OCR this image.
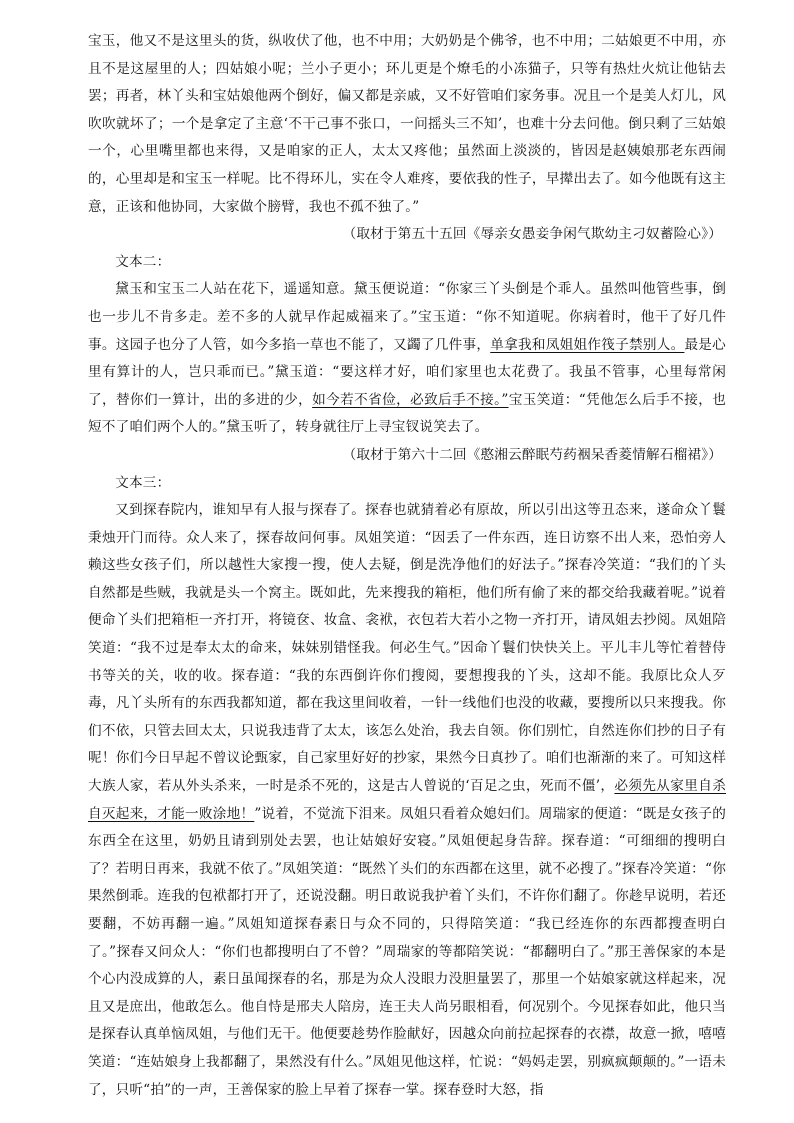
宝玉，他又不是这里头的货，纵收伏了他，也不中用；大奶奶是个佛爷，也不中用；二姑娘更不中用，亦且不是这屋里的人；四姑娘小呢；兰小子更小；环儿更是个燎毛的小冻猫子，只等有热灶火炕让他钻去罢；再者，林丫头和宝姑娘他两个倒好，偏又都是亲戚，又不好管咱们家务事。况且一个是美人灯儿，风吹吹就坏了；一个是拿定了主意‘不干己事不张口，一问摇头三不知’，也难十分去问他。倒只剩了三姑娘一个，心里嘴里都也来得，又是咱家的正人，太太又疼他；虽然面上淡淡的，皆因是赵姨娘那老东西闹的，心里却是和宝玉一样呢。比不得环儿，实在令人难疼，要依我的性子，早撵出去了。如今他既有这主意，正该和他协同，大家做个膀臂，我也不孤不独了。”

（取材于第五十五回《辱亲女愚妾争闲气欺幼主刁奴蓄险心》）

文本二：

黛玉和宝玉二人站在花下，遥遥知意。黛玉便说道：“你家三丫头倒是个乖人。虽然叫他管些事，倒也一步儿不肯多走。差不多的人就早作起威福来了。”宝玉道：“你不知道呢。你病着时，他干了好几件事。这园子也分了人管，如今多掐一草也不能了，又蠲了几件事，单拿我和凤姐姐作筏子禁别人。最是心里有算计的人，岂只乖而已。”黛玉道：“要这样才好，咱们家里也太花费了。我虽不管事，心里每常闲了，替你们一算计，出的多进的少，如今若不省俭，必致后手不接。”宝玉笑道：“凭他怎么后手不接，也短不了咱们两个人的。”黛玉听了，转身就往厅上寻宝钗说笑去了。

（取材于第六十二回《憨湘云醉眠芍药裀呆香菱情解石榴裙》）

文本三：

又到探春院内，谁知早有人报与探春了。探春也就猜着必有原故，所以引出这等丑态来，遂命众丫鬟秉烛开门而待。众人来了，探春故问何事。凤姐笑道：“因丢了一件东西，连日访察不出人来，恐怕旁人赖这些女孩子们，所以越性大家搜一搜，使人去疑，倒是洗净他们的好法子。”探春冷笑道：“我们的丫头自然都是些贼，我就是头一个窝主。既如此，先来搜我的箱柜，他们所有偷了来的都交给我藏着呢。”说着便命丫头们把箱柜一齐打开，将镜奁、妆盒、衾袱，衣包若大若小之物一齐打开，请凤姐去抄阅。凤姐陪笑道：“我不过是奉太太的命来，妹妹别错怪我。何必生气。”因命丫鬟们快快关上。平儿丰儿等忙着替侍书等关的关，收的收。探春道：“我的东西倒许你们搜阅，要想搜我的丫头，这却不能。我原比众人歹毒，凡丫头所有的东西我都知道，都在我这里间收着，一针一线他们也没的收藏，要搜所以只来搜我。你们不依，只管去回太太，只说我违背了太太，该怎么处治，我去自领。你们别忙，自然连你们抄的日子有呢！你们今日早起不曾议论甄家，自己家里好好的抄家，果然今日真抄了。咱们也渐渐的来了。可知这样大族人家，若从外头杀来，一时是杀不死的，这是古人曾说的‘百足之虫，死而不僵’，必须先从家里自杀自灭起来，才能一败涂地！”说着，不觉流下泪来。凤姐只看着众媳妇们。周瑞家的便道：“既是女孩子的东西全在这里，奶奶且请到别处去罢，也让姑娘好安寝。”凤姐便起身告辞。探春道：“可细细的搜明白了？若明日再来，我就不依了。”凤姐笑道：“既然丫头们的东西都在这里，就不必搜了。”探春冷笑道：“你果然倒乖。连我的包袱都打开了，还说没翻。明日敢说我护着丫头们，不许你们翻了。你趁早说明，若还要翻，不妨再翻一遍。”凤姐知道探春素日与众不同的，只得陪笑道：“我已经连你的东西都搜查明白了。”探春又问众人：“你们也都搜明白了不曾？”周瑞家的等都陪笑说：“都翻明白了。”那王善保家的本是个心内没成算的人，素日虽闻探春的名，那是为众人没眼力没胆量罢了，那里一个姑娘家就这样起来，况且又是庶出，他敢怎么。他自恃是邢夫人陪房，连王夫人尚另眼相看，何况别个。今见探春如此，他只当是探春认真单恼凤姐，与他们无干。他便要趁势作脸献好，因越众向前拉起探春的衣襟，故意一掀，嘻嘻笑道：“连姑娘身上我都翻了，果然没有什么。”凤姐见他这样，忙说：“妈妈走罢，别疯疯颠颠的。”一语未了，只听“拍”的一声，王善保家的脸上早着了探春一掌。探春登时大怒，指
